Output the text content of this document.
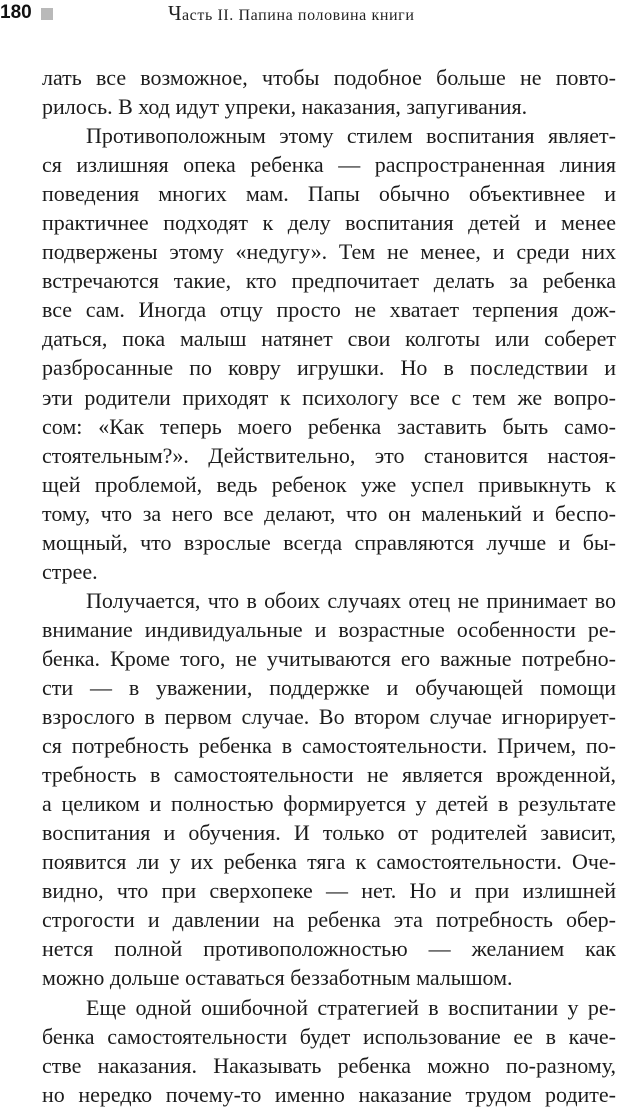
180	Часть II. Папина половина книги
лать все возможное, чтобы подобное больше не повто-
рилось. В ход идут упреки, наказания, запугивания.
Противоположным этому стилем воспитания являет-
ся излишняя опека ребенка — распространенная линия
поведения многих мам. Папы обычно объективнее и
практичнее подходят к делу воспитания детей и менее
подвержены этому «недугу». Тем не менее, и среди них
встречаются такие, кто предпочитает делать за ребенка
все сам. Иногда отцу просто не хватает терпения дож-
даться, пока малыш натянет свои колготы или соберет
разбросанные по ковру игрушки. Но в последствии и
эти родители приходят к психологу все с тем же вопро-
сом: «Как теперь моего ребенка заставить быть само-
стоятельным?». Действительно, это становится настоя-
щей проблемой, ведь ребенок уже успел привыкнуть к
тому, что за него все делают, что он маленький и беспо-
мощный, что взрослые всегда справляются лучше и бы-
стрее.
Получается, что в обоих случаях отец не принимает во
внимание индивидуальные и возрастные особенности ре-
бенка. Кроме того, не учитываются его важные потребно-
сти — в уважении, поддержке и обучающей помощи
взрослого в первом случае. Во втором случае игнорирует-
ся потребность ребенка в самостоятельности. Причем, по-
требность в самостоятельности не является врожденной,
а целиком и полностью формируется у детей в результате
воспитания и обучения. И только от родителей зависит,
появится ли у их ребенка тяга к самостоятельности. Оче-
видно, что при сверхопеке — нет. Но и при излишней
строгости и давлении на ребенка эта потребность обер-
нется полной противоположностью — желанием как
можно дольше оставаться беззаботным малышом.
Еще одной ошибочной стратегией в воспитании у ре-
бенка самостоятельности будет использование ее в каче-
стве наказания. Наказывать ребенка можно по-разному,
но нередко почему-то именно наказание трудом родите-
